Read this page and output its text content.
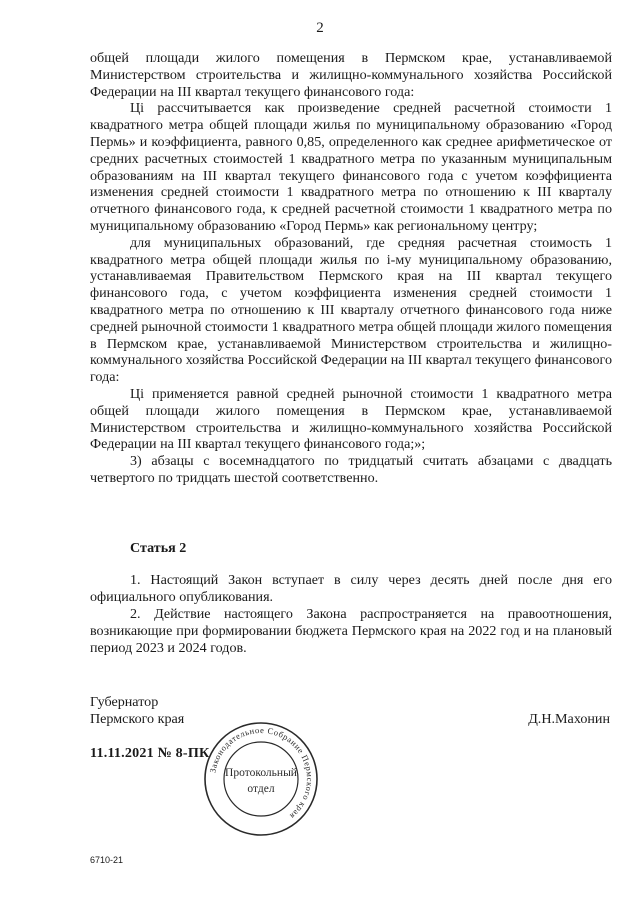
2

общей площади жилого помещения в Пермском крае, устанавливаемой Министерством строительства и жилищно-коммунального хозяйства Российской Федерации на III квартал текущего финансового года:

Ці рассчитывается как произведение средней расчетной стоимости 1 квадратного метра общей площади жилья по муниципальному образованию «Город Пермь» и коэффициента, равного 0,85, определенного как среднее арифметическое от средних расчетных стоимостей 1 квадратного метра по указанным муниципальным образованиям на III квартал текущего финансового года с учетом коэффициента изменения средней стоимости 1 квадратного метра по отношению к III кварталу отчетного финансового года, к средней расчетной стоимости 1 квадратного метра по муниципальному образованию «Город Пермь» как региональному центру;

для муниципальных образований, где средняя расчетная стоимость 1 квадратного метра общей площади жилья по i-му муниципальному образованию, устанавливаемая Правительством Пермского края на III квартал текущего финансового года, с учетом коэффициента изменения средней стоимости 1 квадратного метра по отношению к III кварталу отчетного финансового года ниже средней рыночной стоимости 1 квадратного метра общей площади жилого помещения в Пермском крае, устанавливаемой Министерством строительства и жилищно-коммунального хозяйства Российской Федерации на III квартал текущего финансового года:

Ці применяется равной средней рыночной стоимости 1 квадратного метра общей площади жилого помещения в Пермском крае, устанавливаемой Министерством строительства и жилищно-коммунального хозяйства Российской Федерации на III квартал текущего финансового года;»;

3) абзацы с восемнадцатого по тридцатый считать абзацами с двадцать четвертого по тридцать шестой соответственно.

Статья 2

1. Настоящий Закон вступает в силу через десять дней после дня его официального опубликования.

2. Действие настоящего Закона распространяется на правоотношения, возникающие при формировании бюджета Пермского края на 2022 год и на плановый период 2023 и 2024 годов.

Губернатор
Пермского края	Д.Н.Махонин
11.11.2021 № 8-ПК
Законодательное Собрание Пермского края
Протокольный
отдел
6710-21
